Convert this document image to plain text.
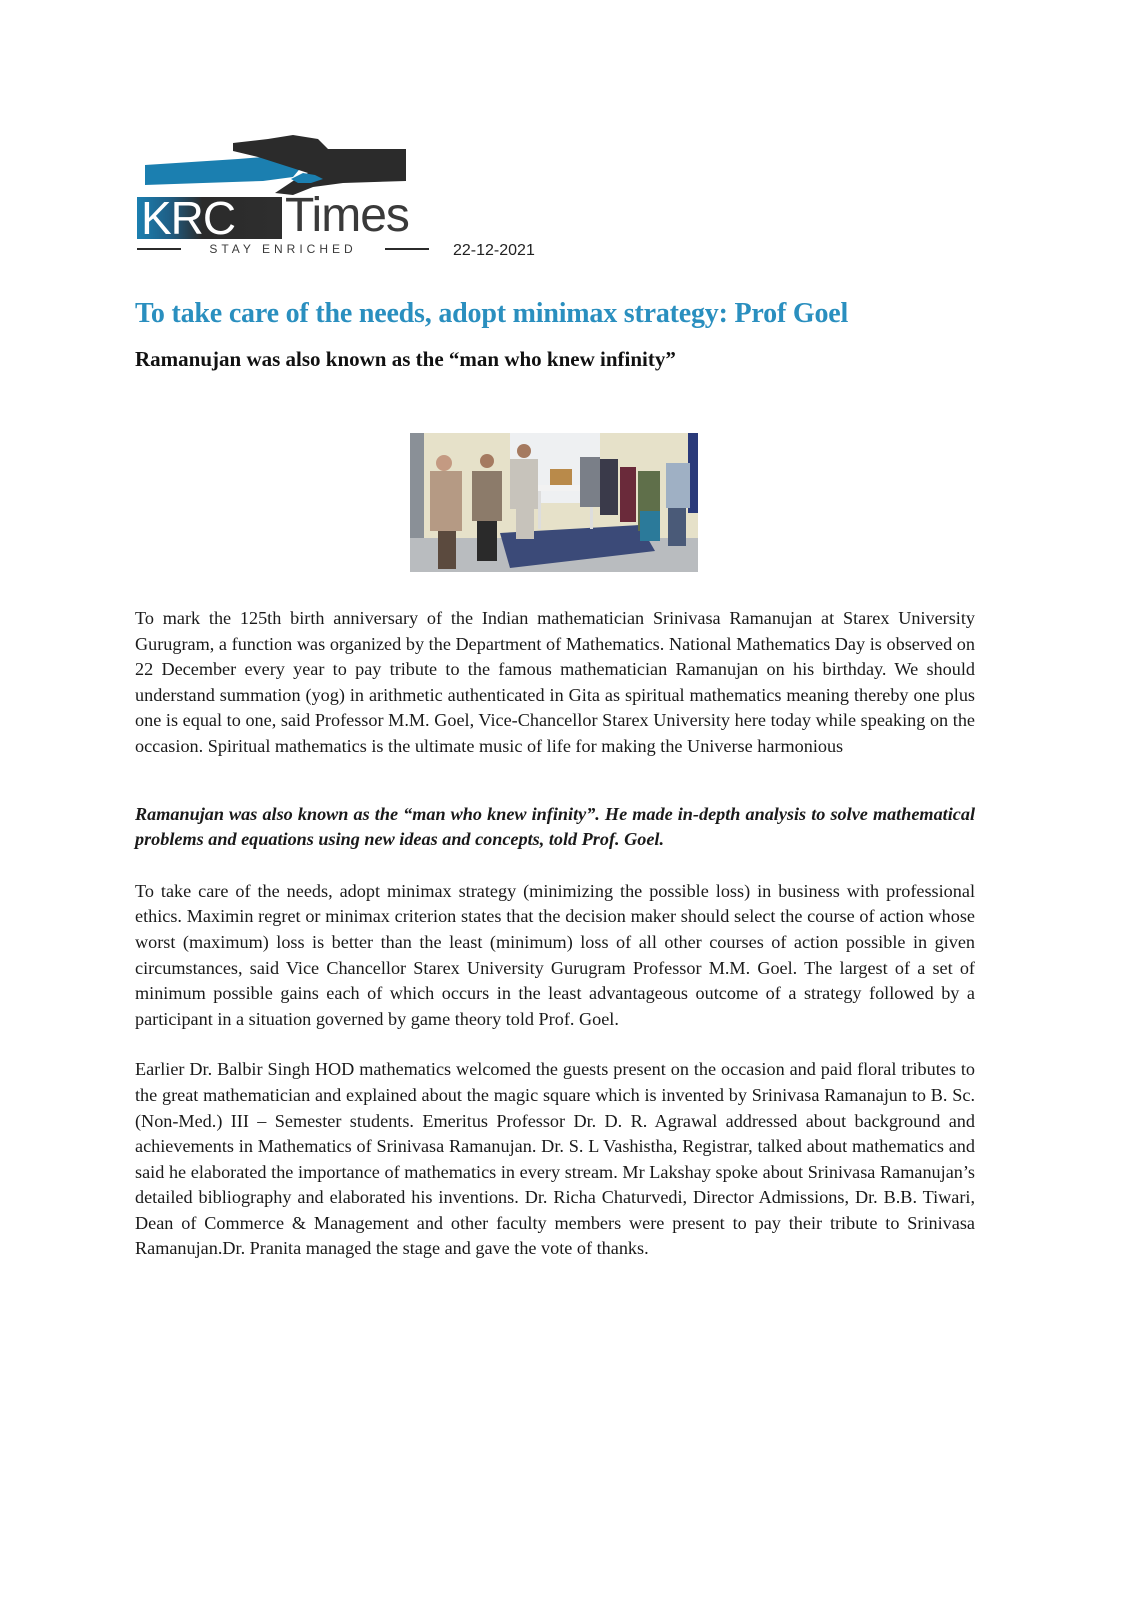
KRC	Times
STAY ENRICHED	22-12-2021
To take care of the needs, adopt minimax strategy: Prof Goel
Ramanujan was also known as the “man who knew infinity”

To mark the 125th birth anniversary of the Indian mathematician Srinivasa Ramanujan at Starex University Gurugram, a function was organized by the Department of Mathematics. National Mathematics Day is observed on 22 December every year to pay tribute to the famous mathematician Ramanujan on his birthday. We should understand summation (yog) in arithmetic authenticated in Gita as spiritual mathematics meaning thereby one plus one is equal to one, said Professor M.M. Goel, Vice-Chancellor Starex University here today while speaking on the occasion. Spiritual mathematics is the ultimate music of life for making the Universe harmonious

Ramanujan was also known as the “man who knew infinity”. He made in-depth analysis to solve mathematical problems and equations using new ideas and concepts, told Prof. Goel.

To take care of the needs, adopt minimax strategy (minimizing the possible loss) in business with professional ethics. Maximin regret or minimax criterion states that the decision maker should select the course of action whose worst (maximum) loss is better than the least (minimum) loss of all other courses of action possible in given circumstances, said Vice Chancellor Starex University Gurugram Professor M.M. Goel. The largest of a set of minimum possible gains each of which occurs in the least advantageous outcome of a strategy followed by a participant in a situation governed by game theory told Prof. Goel.

Earlier Dr. Balbir Singh HOD mathematics welcomed the guests present on the occasion and paid floral tributes to the great mathematician and explained about the magic square which is invented by Srinivasa Ramanajun to B. Sc. (Non-Med.) III – Semester students. Emeritus Professor Dr. D. R. Agrawal addressed about background and achievements in Mathematics of Srinivasa Ramanujan. Dr. S. L Vashistha, Registrar, talked about mathematics and said he elaborated the importance of mathematics in every stream. Mr Lakshay spoke about Srinivasa Ramanujan’s detailed bibliography and elaborated his inventions. Dr. Richa Chaturvedi, Director Admissions, Dr. B.B. Tiwari, Dean of Commerce & Management and other faculty members were present to pay their tribute to Srinivasa Ramanujan.Dr. Pranita managed the stage and gave the vote of thanks.
